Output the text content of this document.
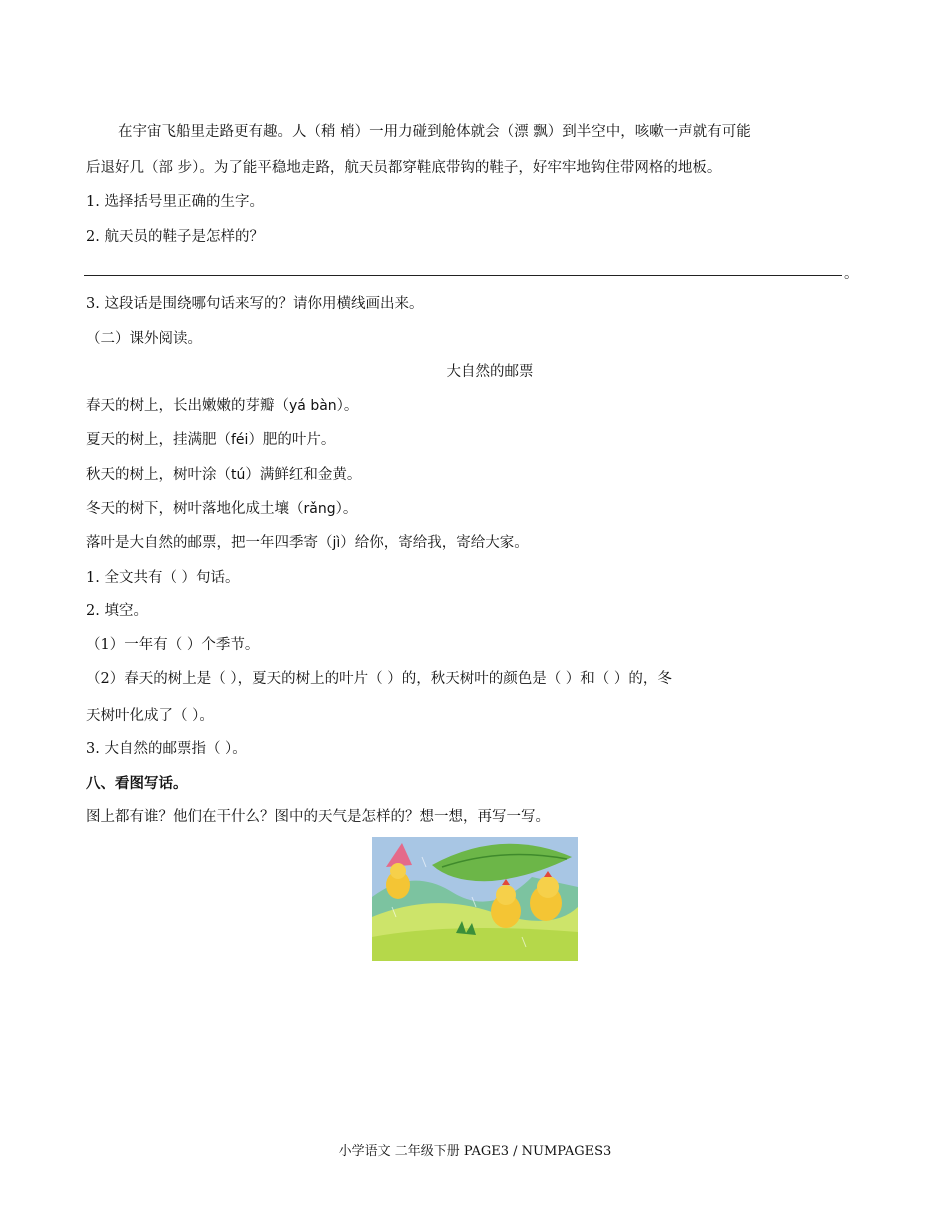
在宇宙飞船里走路更有趣。人（稍 梢）一用力碰到舱体就会（漂 飘）到半空中，咳嗽一声就有可能
后退好几（部 步）。为了能平稳地走路，航天员都穿鞋底带钩的鞋子，好牢牢地钩住带网格的地板。
1. 选择括号里正确的生字。
2. 航天员的鞋子是怎样的？
。
3. 这段话是围绕哪句话来写的？请你用横线画出来。
（二）课外阅读。
大自然的邮票
春天的树上，长出嫩嫩的芽瓣（yá bàn）。
夏天的树上，挂满肥（féi）肥的叶片。
秋天的树上，树叶涂（tú）满鲜红和金黄。
冬天的树下，树叶落地化成土壤（rǎng）。
落叶是大自然的邮票，把一年四季寄（jì）给你，寄给我，寄给大家。
1. 全文共有（ ）句话。
2. 填空。
（1）一年有（ ）个季节。
（2）春天的树上是（ ），夏天的树上的叶片（ ）的，秋天树叶的颜色是（ ）和（ ）的，冬
天树叶化成了（ ）。
3. 大自然的邮票指（ ）。
八、看图写话。
图上都有谁？他们在干什么？图中的天气是怎样的？想一想，再写一写。
小学语文 二年级下册 PAGE3 / NUMPAGES3
